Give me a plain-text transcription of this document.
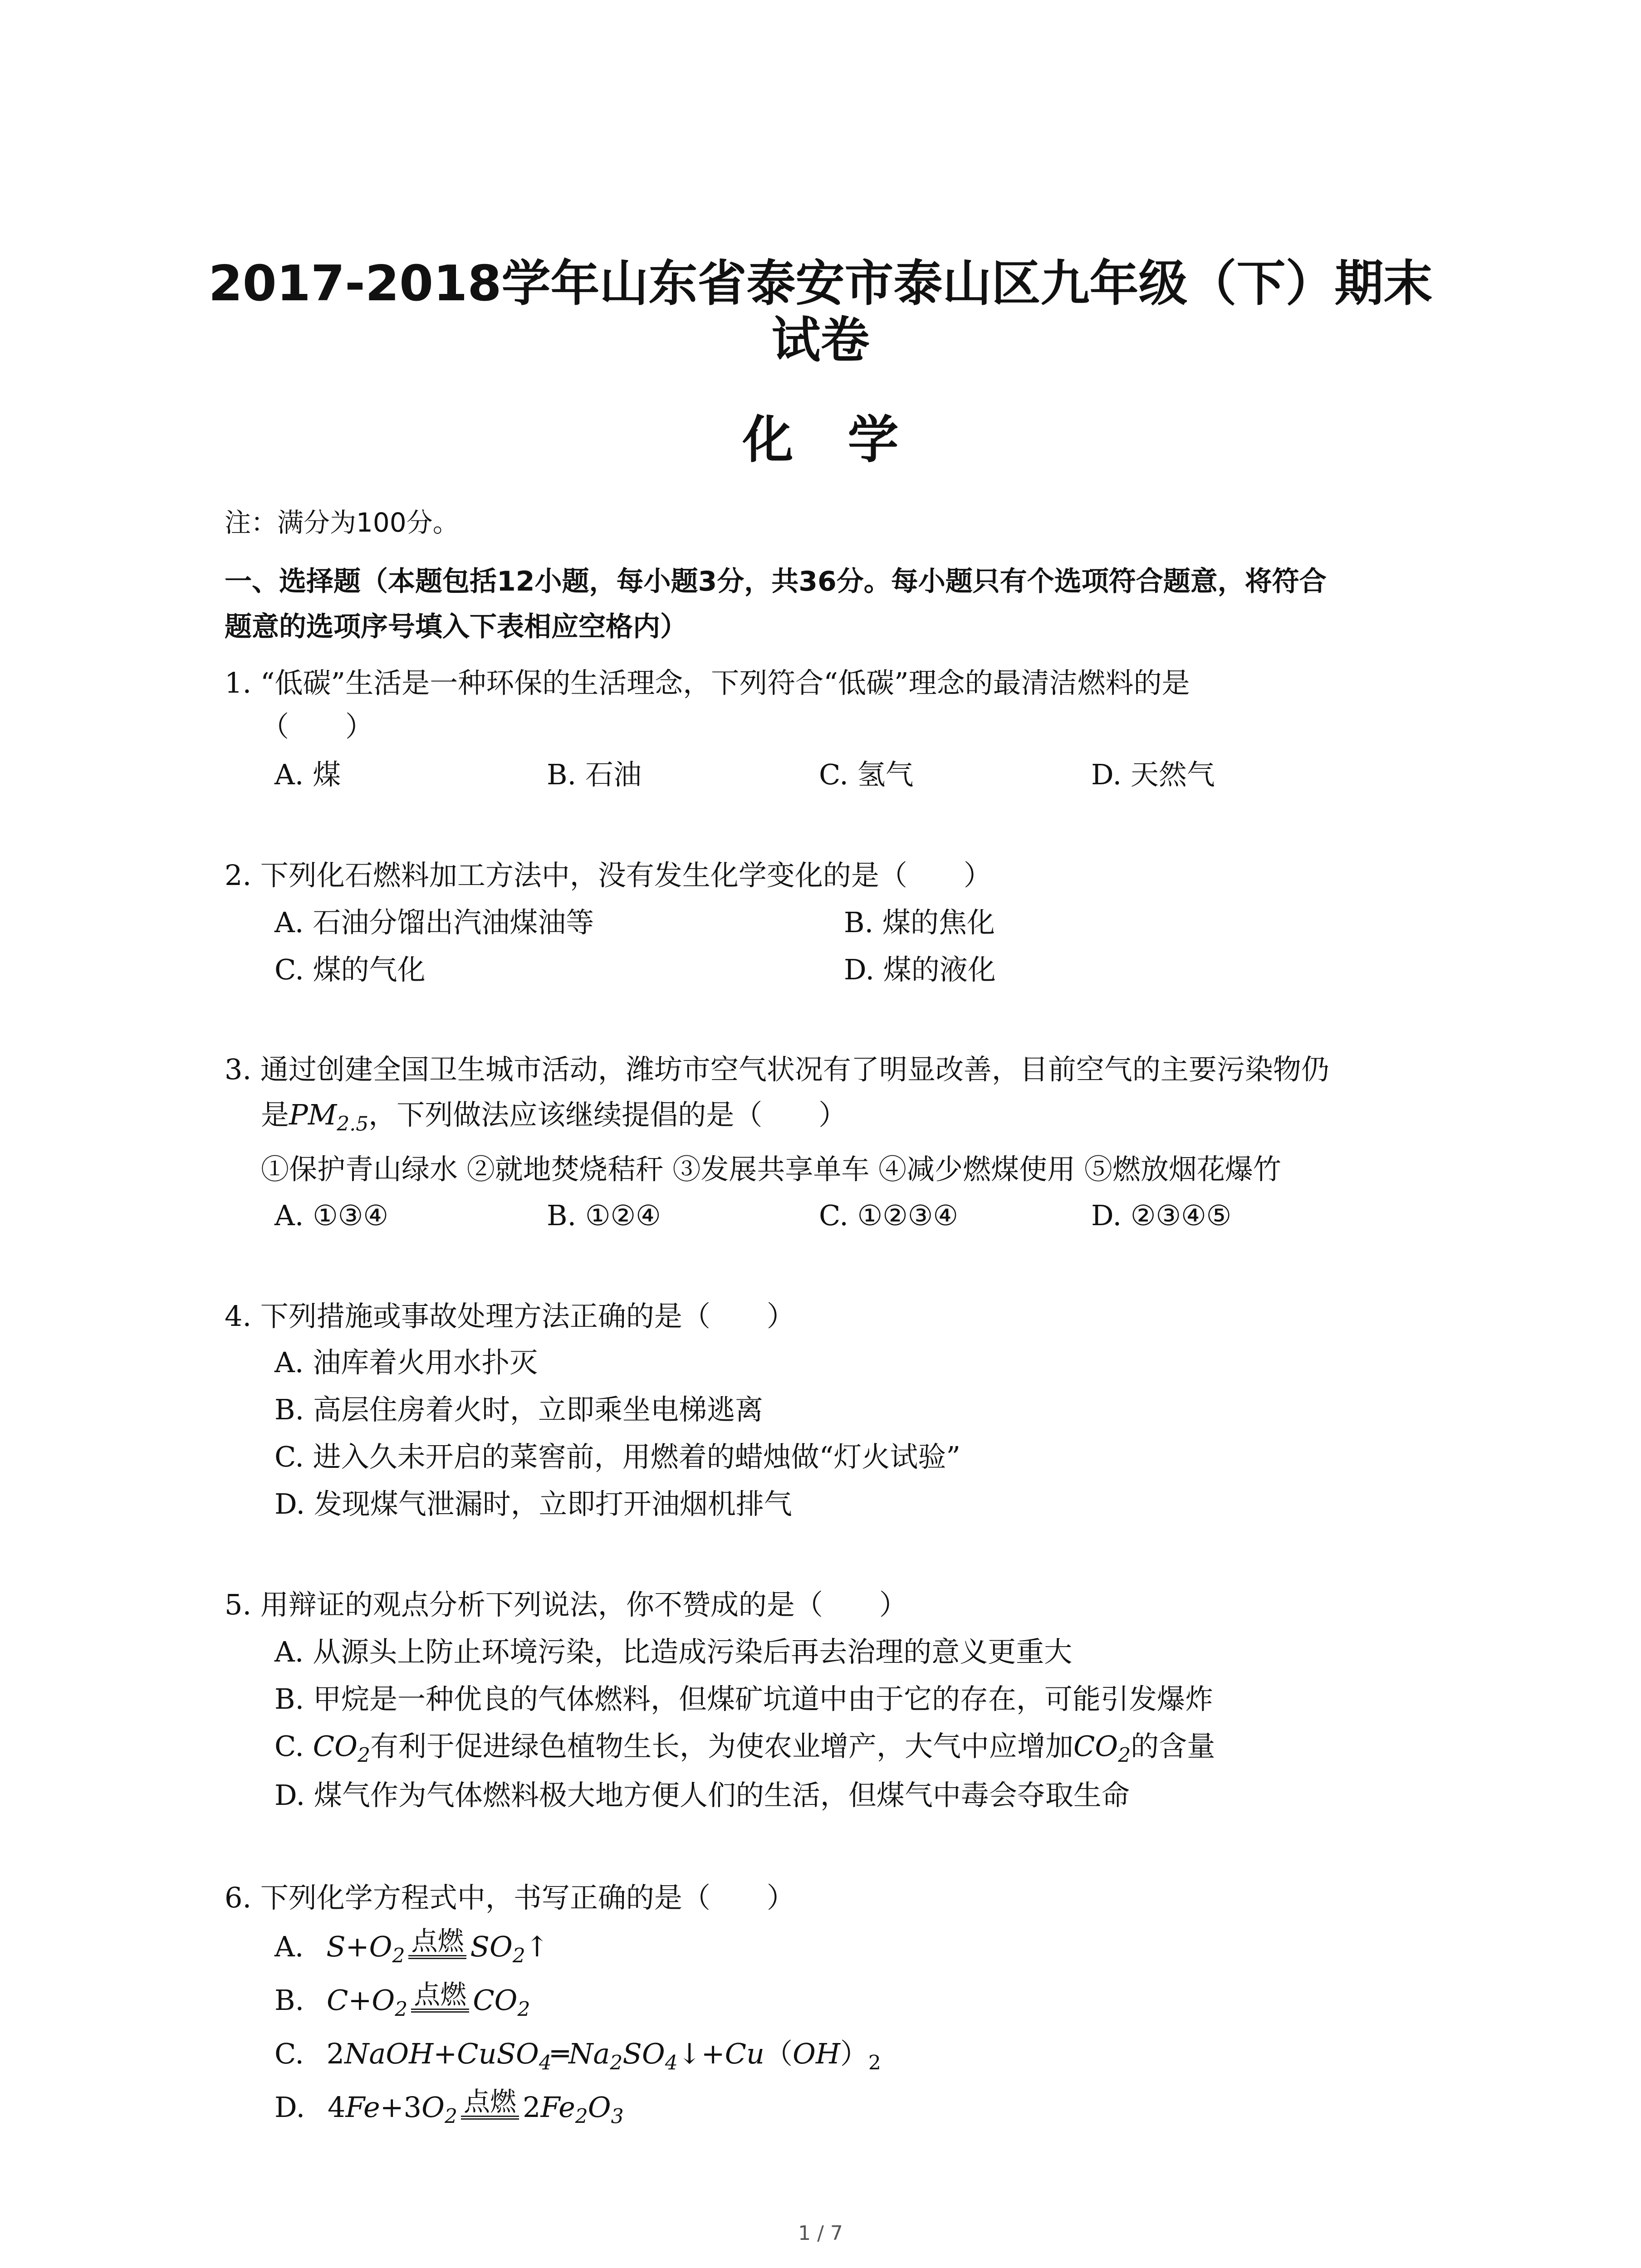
2017-2018学年山东省泰安市泰山区九年级（下）期末
试卷
化学
注：满分为100分。
一、选择题（本题包括12小题，每小题3分，共36分。每小题只有个选项符合题意，将符合
题意的选项序号填入下表相应空格内）
1. “低碳”生活是一种环保的生活理念，下列符合“低碳”理念的最清洁燃料的是
（　　）
A. 煤	B. 石油	C. 氢气	D. 天然气
2. 下列化石燃料加工方法中，没有发生化学变化的是（　　）
A. 石油分馏出汽油煤油等	B. 煤的焦化
C. 煤的气化	D. 煤的液化
3. 通过创建全国卫生城市活动，潍坊市空气状况有了明显改善，目前空气的主要污染物仍
是$PM_{2.5}$，下列做法应该继续提倡的是（　　）
①保护青山绿水 ②就地焚烧秸秆 ③发展共享单车 ④减少燃煤使用 ⑤燃放烟花爆竹
A. ①③④	B. ①②④	C. ①②③④	D. ②③④⑤
4. 下列措施或事故处理方法正确的是（　　）
A. 油库着火用水扑灭
B. 高层住房着火时，立即乘坐电梯逃离
C. 进入久未开启的菜窖前，用燃着的蜡烛做“灯火试验”
D. 发现煤气泄漏时，立即打开油烟机排气
5. 用辩证的观点分析下列说法，你不赞成的是（　　）
A. 从源头上防止环境污染，比造成污染后再去治理的意义更重大
B. 甲烷是一种优良的气体燃料，但煤矿坑道中由于它的存在，可能引发爆炸
C. $CO_2$有利于促进绿色植物生长，为使农业增产，大气中应增加$CO_2$的含量
D. 煤气作为气体燃料极大地方便人们的生活，但煤气中毒会夺取生命
6. 下列化学方程式中，书写正确的是（　　）
A. $S+O_2$ 点燃 $SO_2↑$
B. $C+O_2$ 点燃 $CO_2$
C. $2NaOH+CuSO_4═Na_2SO_4↓+Cu(OH)_2$
D. $4Fe+3O_2$ 点燃 $2Fe_2O_3$
1 / 7
